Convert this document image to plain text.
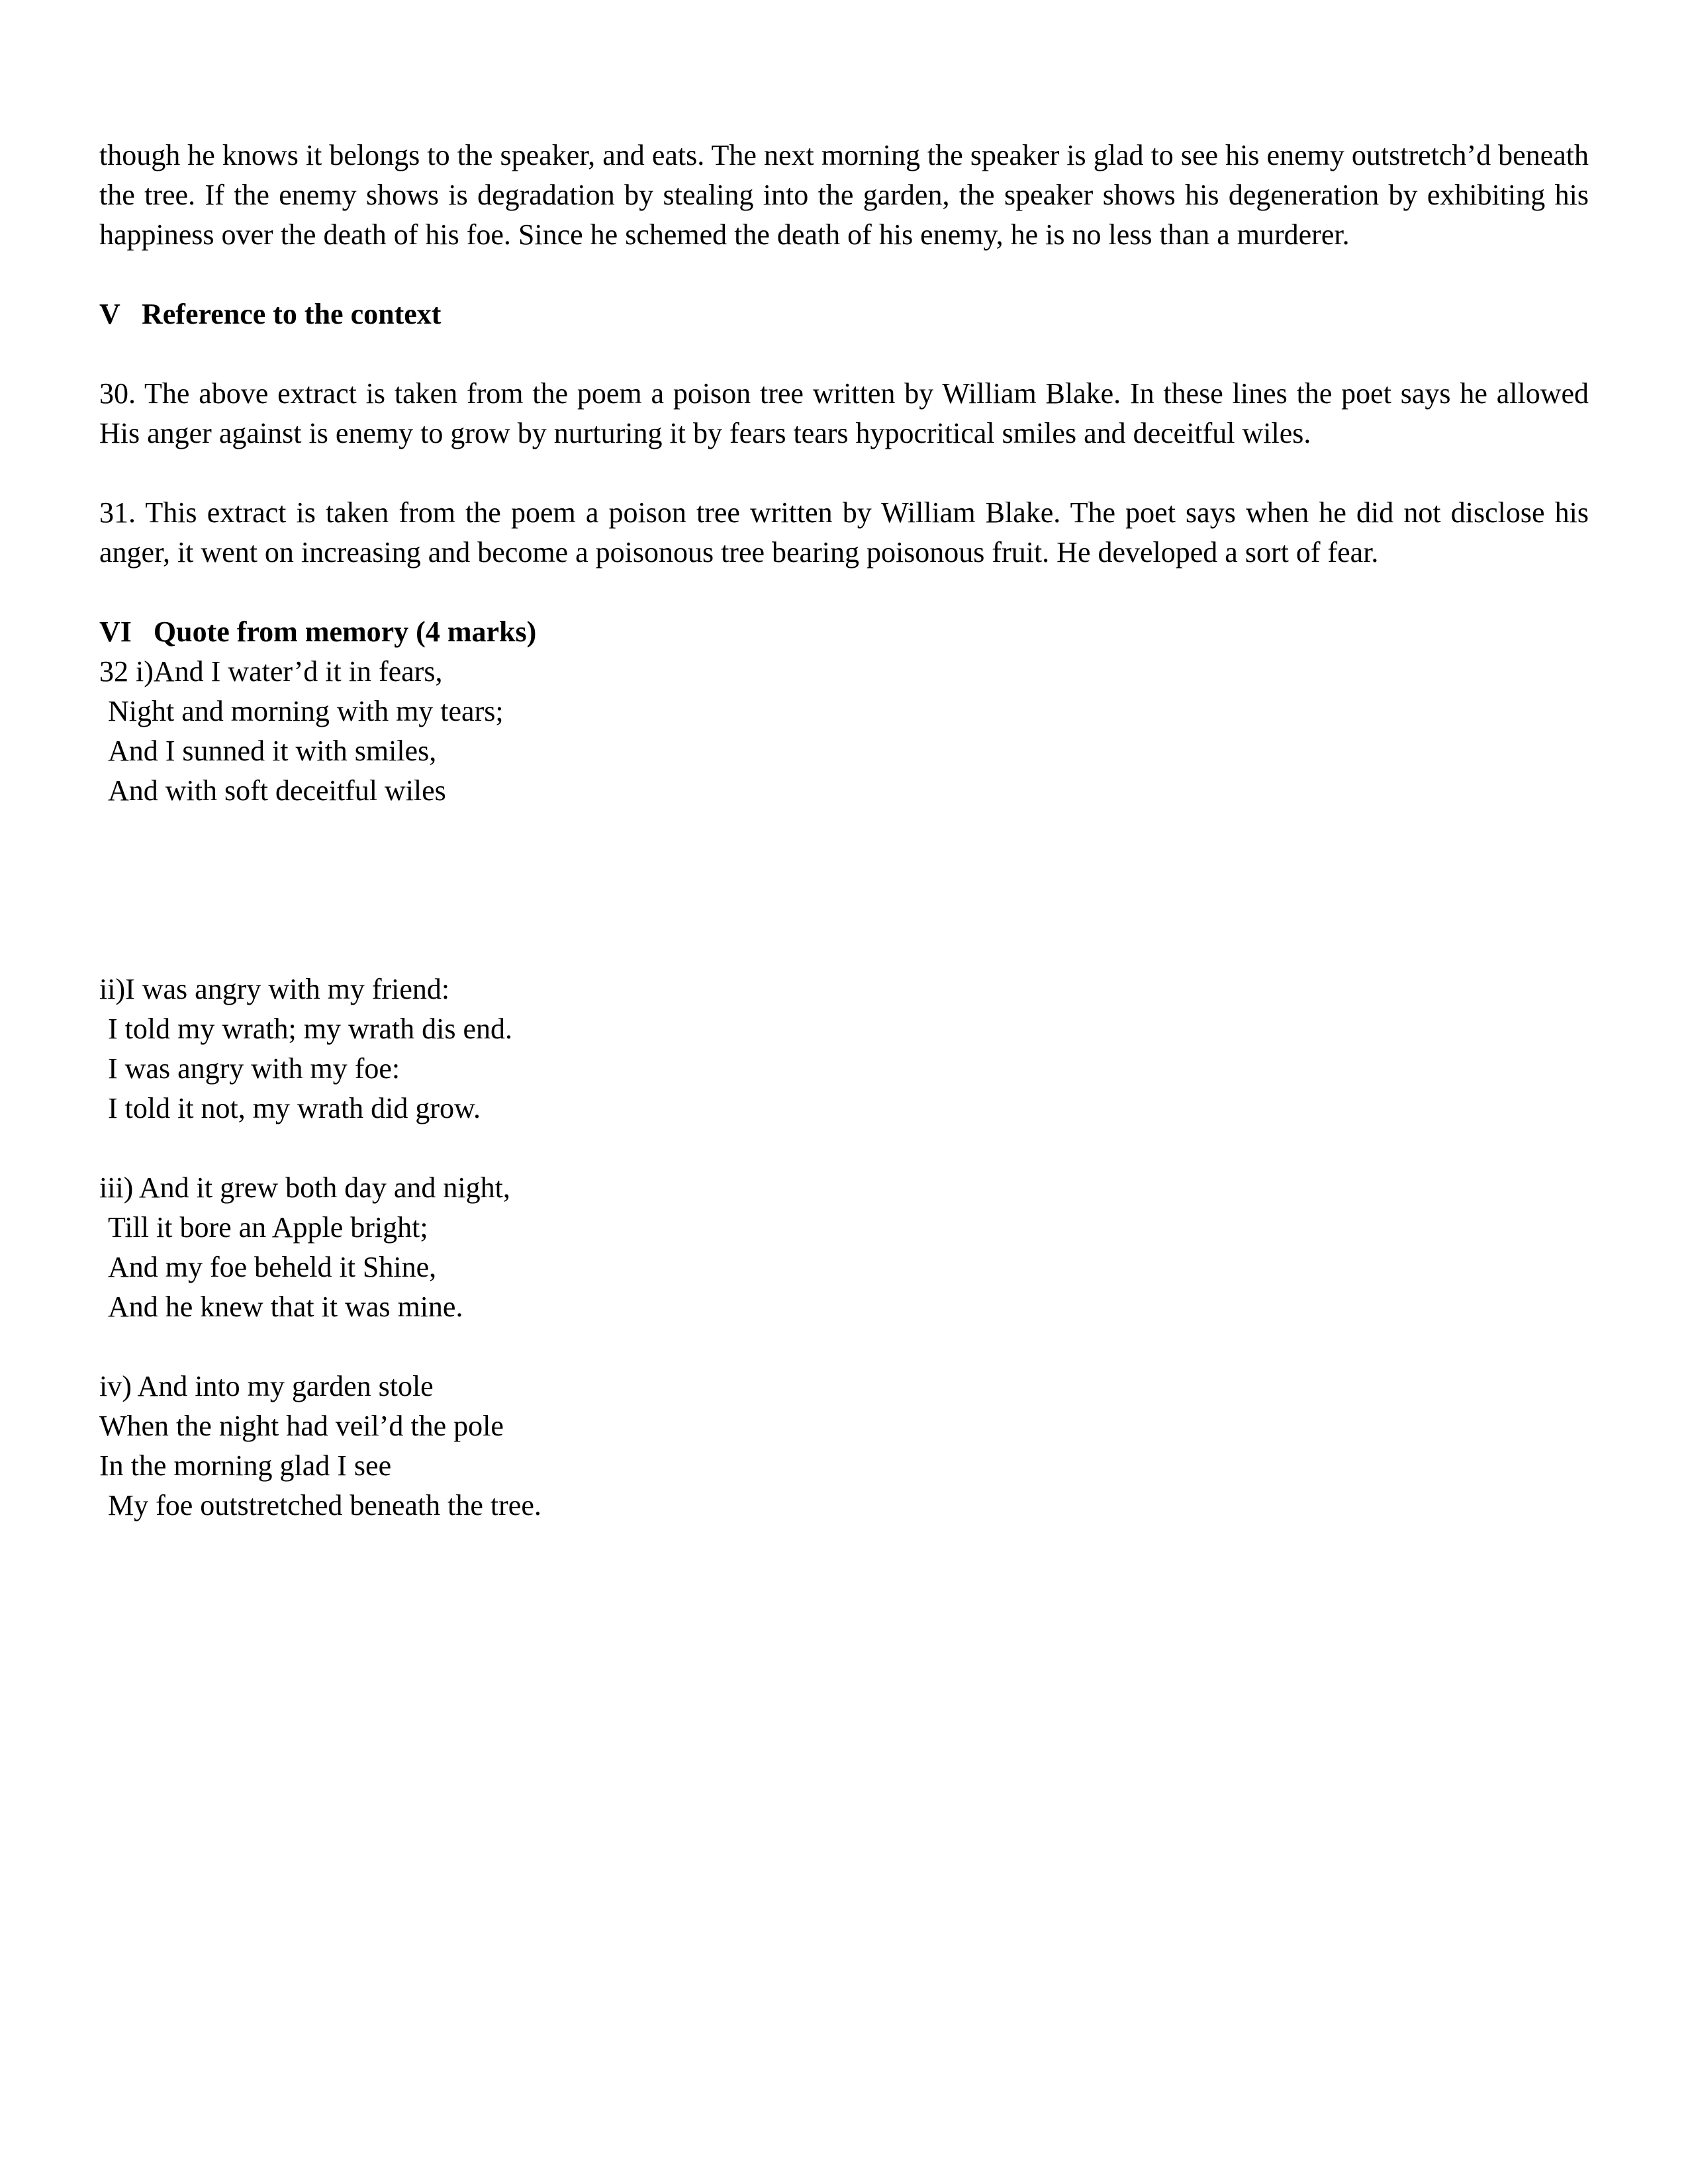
though he knows it belongs to the speaker, and eats. The next morning the speaker is glad to see his enemy outstretch’d beneath the tree. If the enemy shows is degradation by stealing into the garden, the speaker shows his degeneration by exhibiting his happiness over the death of his foe. Since he schemed the death of his enemy, he is no less than a murderer.

V   Reference to the context

30. The above extract is taken from the poem a poison tree written by William Blake. In these lines the poet says he allowed His anger against is enemy to grow by nurturing it by fears tears hypocritical smiles and deceitful wiles.

31. This extract is taken from the poem a poison tree written by William Blake. The poet says when he did not disclose his anger, it went on increasing and become a poisonous tree bearing poisonous fruit. He developed a sort of fear.

VI   Quote from memory (4 marks)

32 i)And I water’d it in fears,

Night and morning with my tears;

And I sunned it with smiles,

And with soft deceitful wiles

ii)I was angry with my friend:

I told my wrath; my wrath dis end.

I was angry with my foe:

I told it not, my wrath did grow.

iii) And it grew both day and night,

Till it bore an Apple bright;

And my foe beheld it Shine,

And he knew that it was mine.

iv) And into my garden stole

When the night had veil’d the pole

In the morning glad I see

My foe outstretched beneath the tree.
